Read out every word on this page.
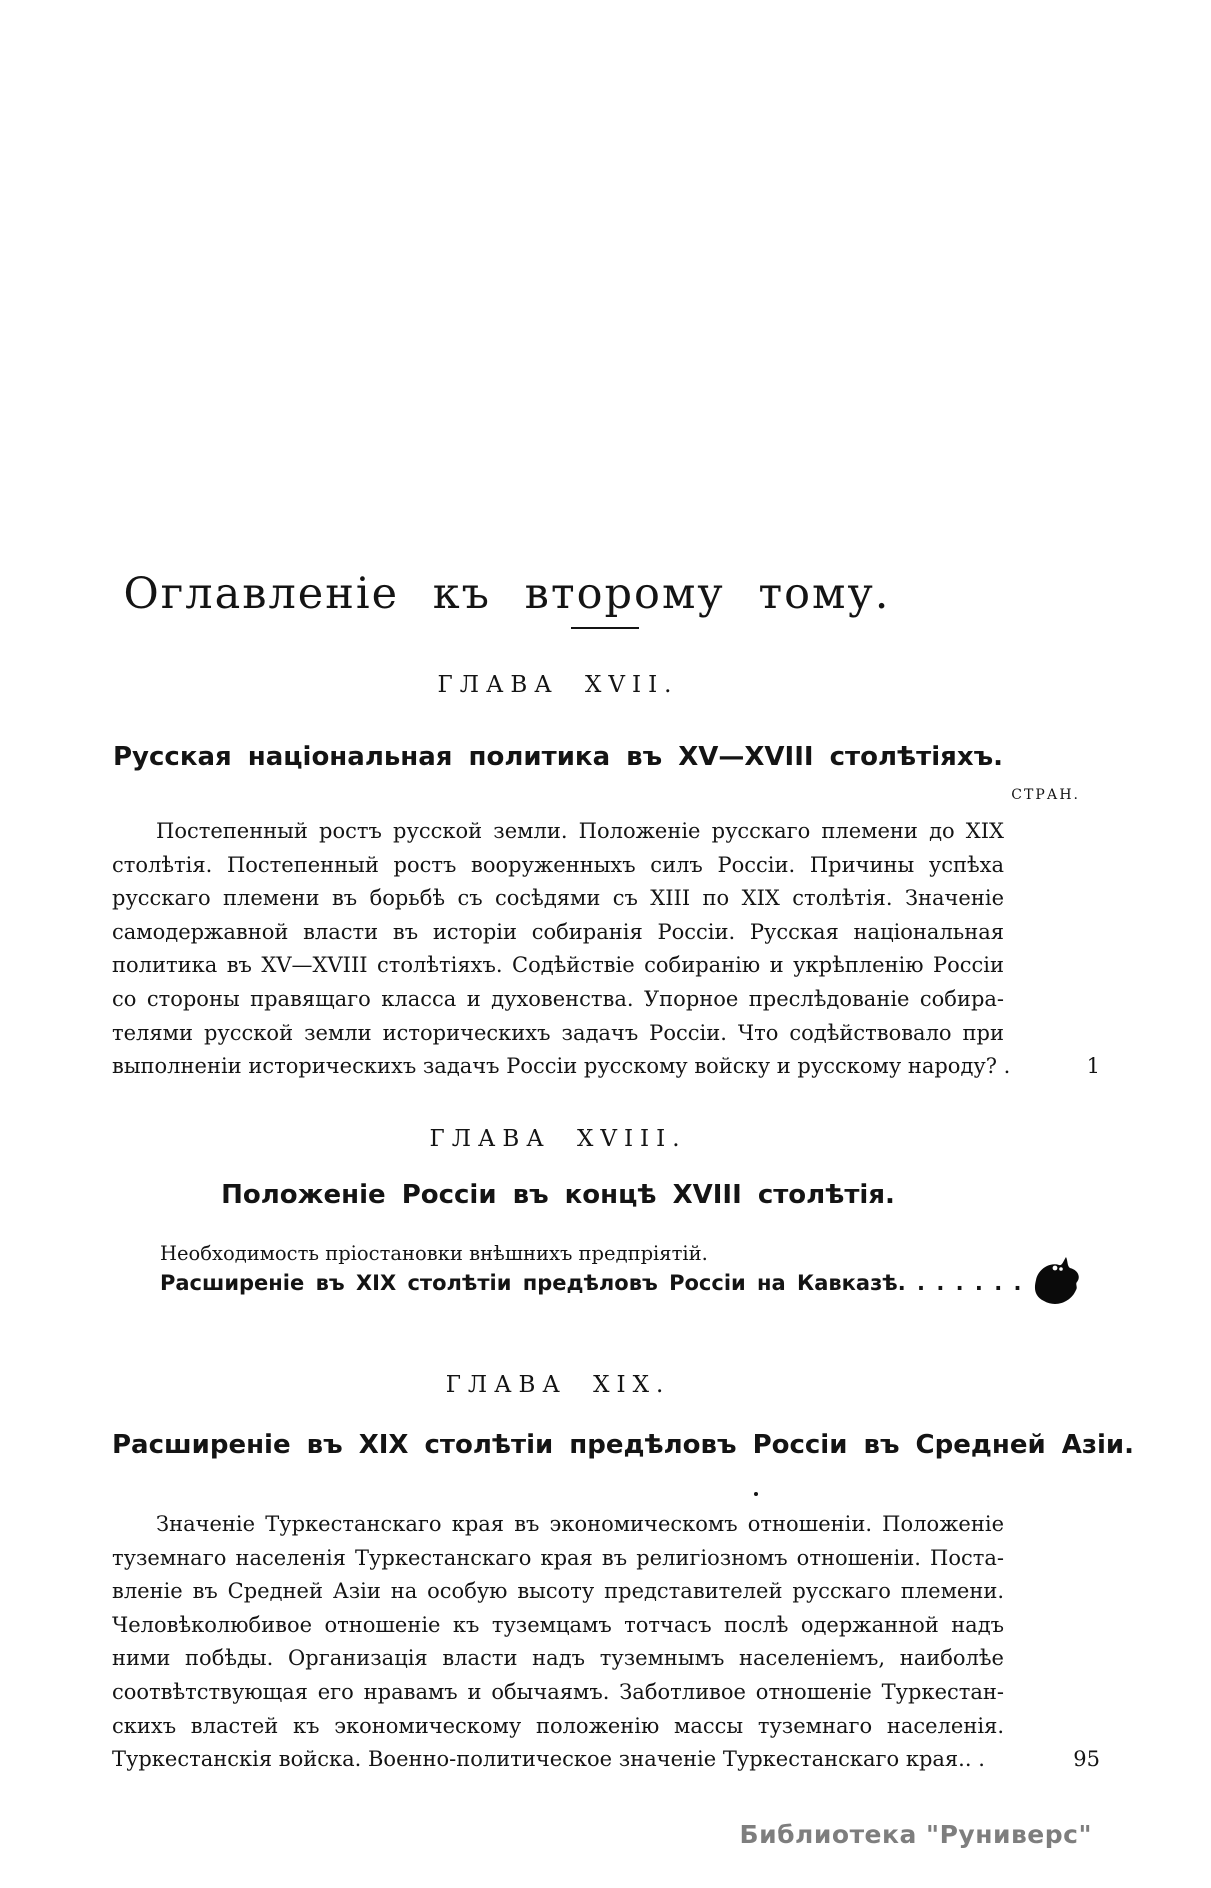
Оглавленіе къ второму тому.
ГЛАВА XVII.
Русская національная политика въ XV—XVIII столѣтіяхъ.
СТРАН.
Постепенный ростъ русской земли. Положеніе русскаго племени до XIX
столѣтія. Постепенный ростъ вооруженныхъ силъ Россіи. Причины успѣха
русскаго племени въ борьбѣ съ сосѣдями съ XIII по XIX столѣтія. Значеніе
самодержавной власти въ исторіи собиранія Россіи. Русская національная
политика въ XV—XVIII столѣтіяхъ. Содѣйствіе собиранію и укрѣпленію Россіи
со стороны правящаго класса и духовенства. Упорное преслѣдованіе собира-
телями русской земли историческихъ задачъ Россіи. Что содѣйствовало при
выполненіи историческихъ задачъ Россіи русскому войску и русскому народу? .	1
ГЛАВА XVIII.
Положеніе Россіи въ концѣ XVIII столѣтія.
Необходимость пріостановки внѣшнихъ предпріятій.
Расширеніе въ XIX столѣтіи предѣловъ Россіи на Кавказѣ. . . . . . .
ГЛАВА XIX.
Расширеніе въ XIX столѣтіи предѣловъ Россіи въ Средней Азіи.
Значеніе Туркестанскаго края въ экономическомъ отношеніи. Положеніе
туземнаго населенія Туркестанскаго края въ религіозномъ отношеніи. Поста-
вленіе въ Средней Азіи на особую высоту представителей русскаго племени.
Человѣколюбивое отношеніе къ туземцамъ тотчасъ послѣ одержанной надъ
ними побѣды. Организація власти надъ туземнымъ населеніемъ, наиболѣе
соотвѣтствующая его нравамъ и обычаямъ. Заботливое отношеніе Туркестан-
скихъ властей къ экономическому положенію массы туземнаго населенія.
Туркестанскія войска. Военно-политическое значеніе Туркестанскаго края.. .	95
Библиотека "Руниверс"
